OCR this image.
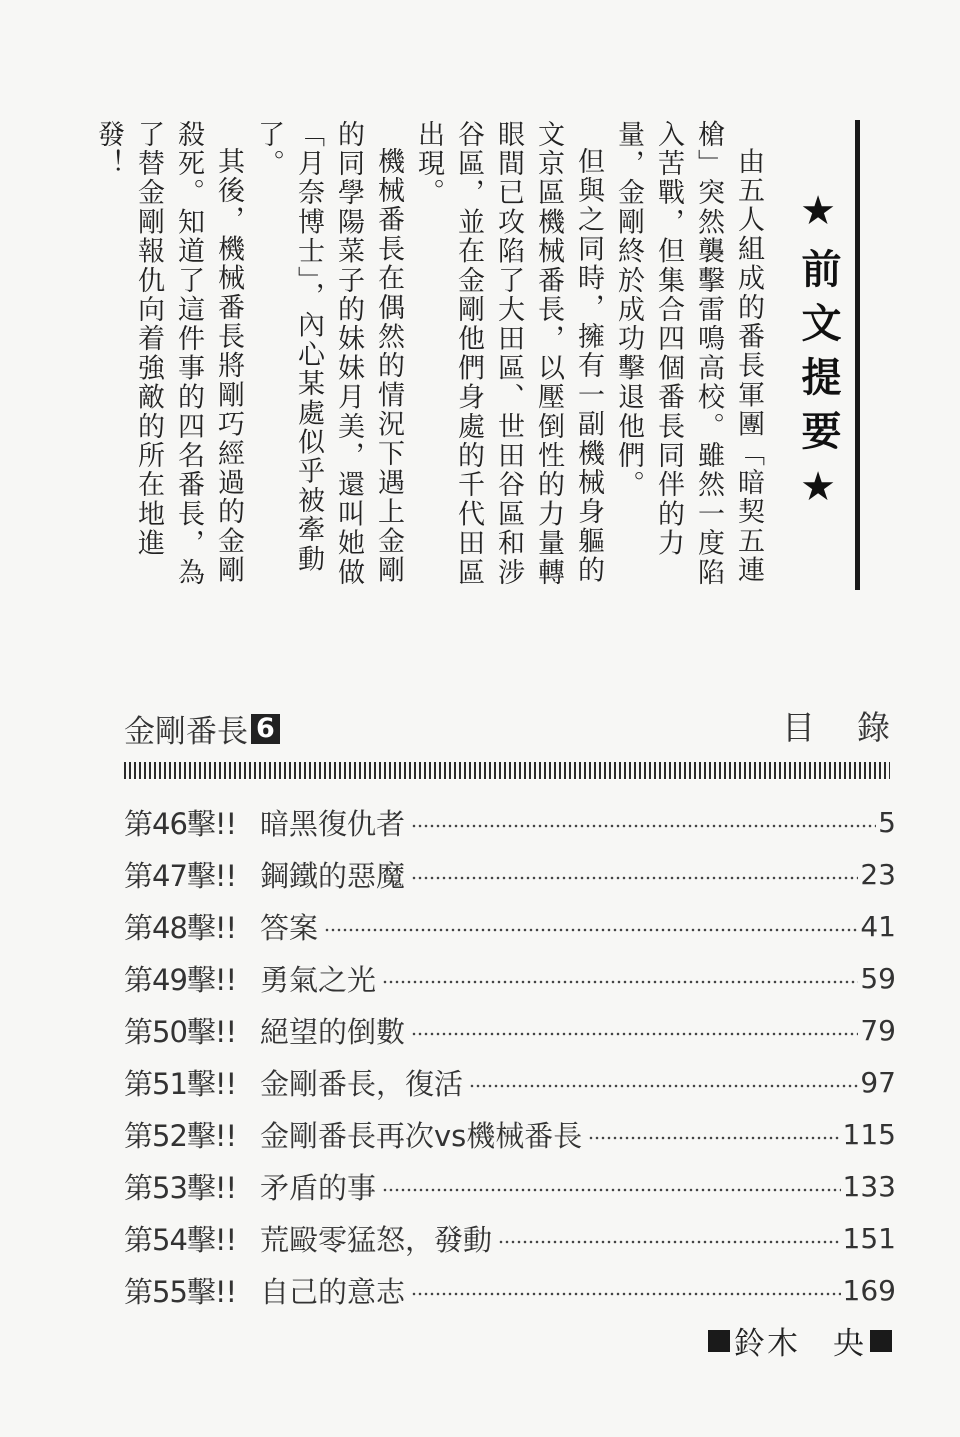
★前文提要★

由五人組成的番長軍團「暗契五連槍」突然襲擊雷鳴高校。雖然一度陷入苦戰，但集合四個番長同伴的力量，金剛終於成功擊退他們。

但與之同時，擁有一副機械身軀的文京區機械番長，以壓倒性的力量轉眼間已攻陷了大田區、世田谷區和涉谷區，並在金剛他們身處的千代田區出現。

機械番長在偶然的情況下遇上金剛的同學陽菜子的妹妹月美，還叫她做「月奈博士」，內心某處似乎被牽動了。

其後，機械番長將剛巧經過的金剛殺死。知道了這件事的四名番長，為了替金剛報仇向着強敵的所在地進發！

金剛番長 6	目錄
第46擊!! 暗黑復仇者	5
第47擊!! 鋼鐵的惡魔	23
第48擊!! 答案	41
第49擊!! 勇氣之光	59
第50擊!! 絕望的倒數	79
第51擊!! 金剛番長，復活	97
第52擊!! 金剛番長再次vs機械番長	115
第53擊!! 矛盾的事	133
第54擊!! 荒毆零猛怒，發動	151
第55擊!! 自己的意志	169
鈴木　央
